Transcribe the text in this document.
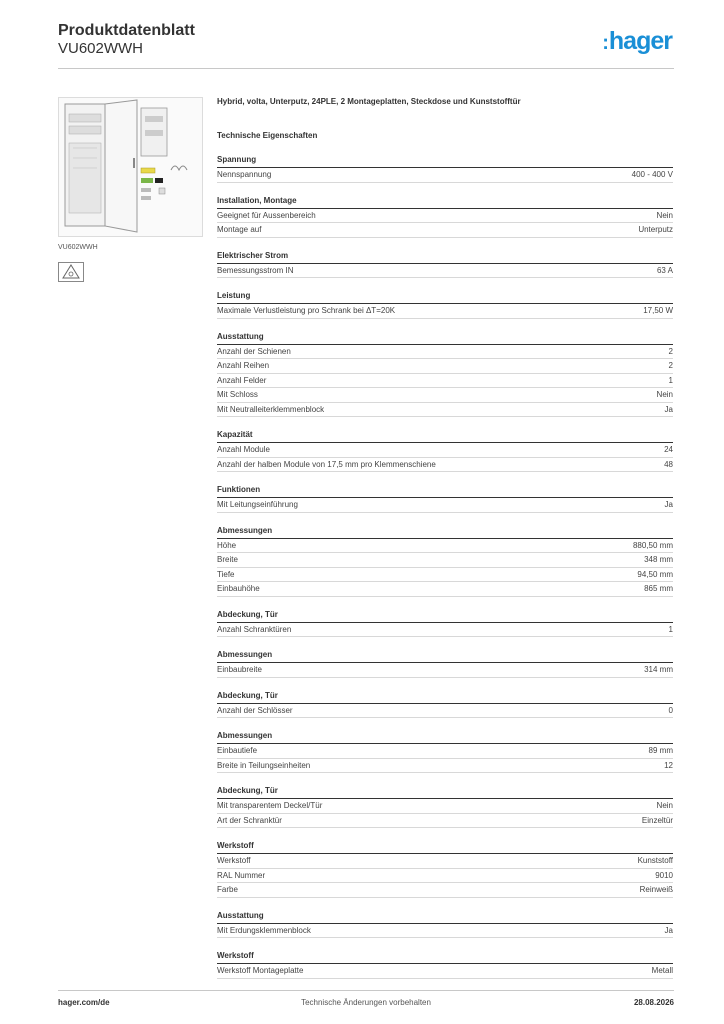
Produktdatenblatt
VU602WWH	:hager
VU602WWH
Hybrid, volta, Unterputz, 24PLE, 2 Montageplatten, Steckdose und Kunststofftür
Technische Eigenschaften
Spannung
Nennspannung	400 - 400 V
Installation, Montage
Geeignet für Aussenbereich	Nein
Montage auf	Unterputz
Elektrischer Strom
Bemessungsstrom IN	63 A
Leistung
Maximale Verlustleistung pro Schrank bei ΔT=20K	17,50 W
Ausstattung
Anzahl der Schienen	2
Anzahl Reihen	2
Anzahl Felder	1
Mit Schloss	Nein
Mit Neutralleiterklemmenblock	Ja
Kapazität
Anzahl Module	24
Anzahl der halben Module von 17,5 mm pro Klemmenschiene	48
Funktionen
Mit Leitungseinführung	Ja
Abmessungen
Höhe	880,50 mm
Breite	348 mm
Tiefe	94,50 mm
Einbauhöhe	865 mm
Abdeckung, Tür
Anzahl Schranktüren	1
Abmessungen
Einbaubreite	314 mm
Abdeckung, Tür
Anzahl der Schlösser	0
Abmessungen
Einbautiefe	89 mm
Breite in Teilungseinheiten	12
Abdeckung, Tür
Mit transparentem Deckel/Tür	Nein
Art der Schranktür	Einzeltür
Werkstoff
Werkstoff	Kunststoff
RAL Nummer	9010
Farbe	Reinweiß
Ausstattung
Mit Erdungsklemmenblock	Ja
Werkstoff
Werkstoff Montageplatte	Metall
hager.com/de	Technische Änderungen vorbehalten	28.08.2026
